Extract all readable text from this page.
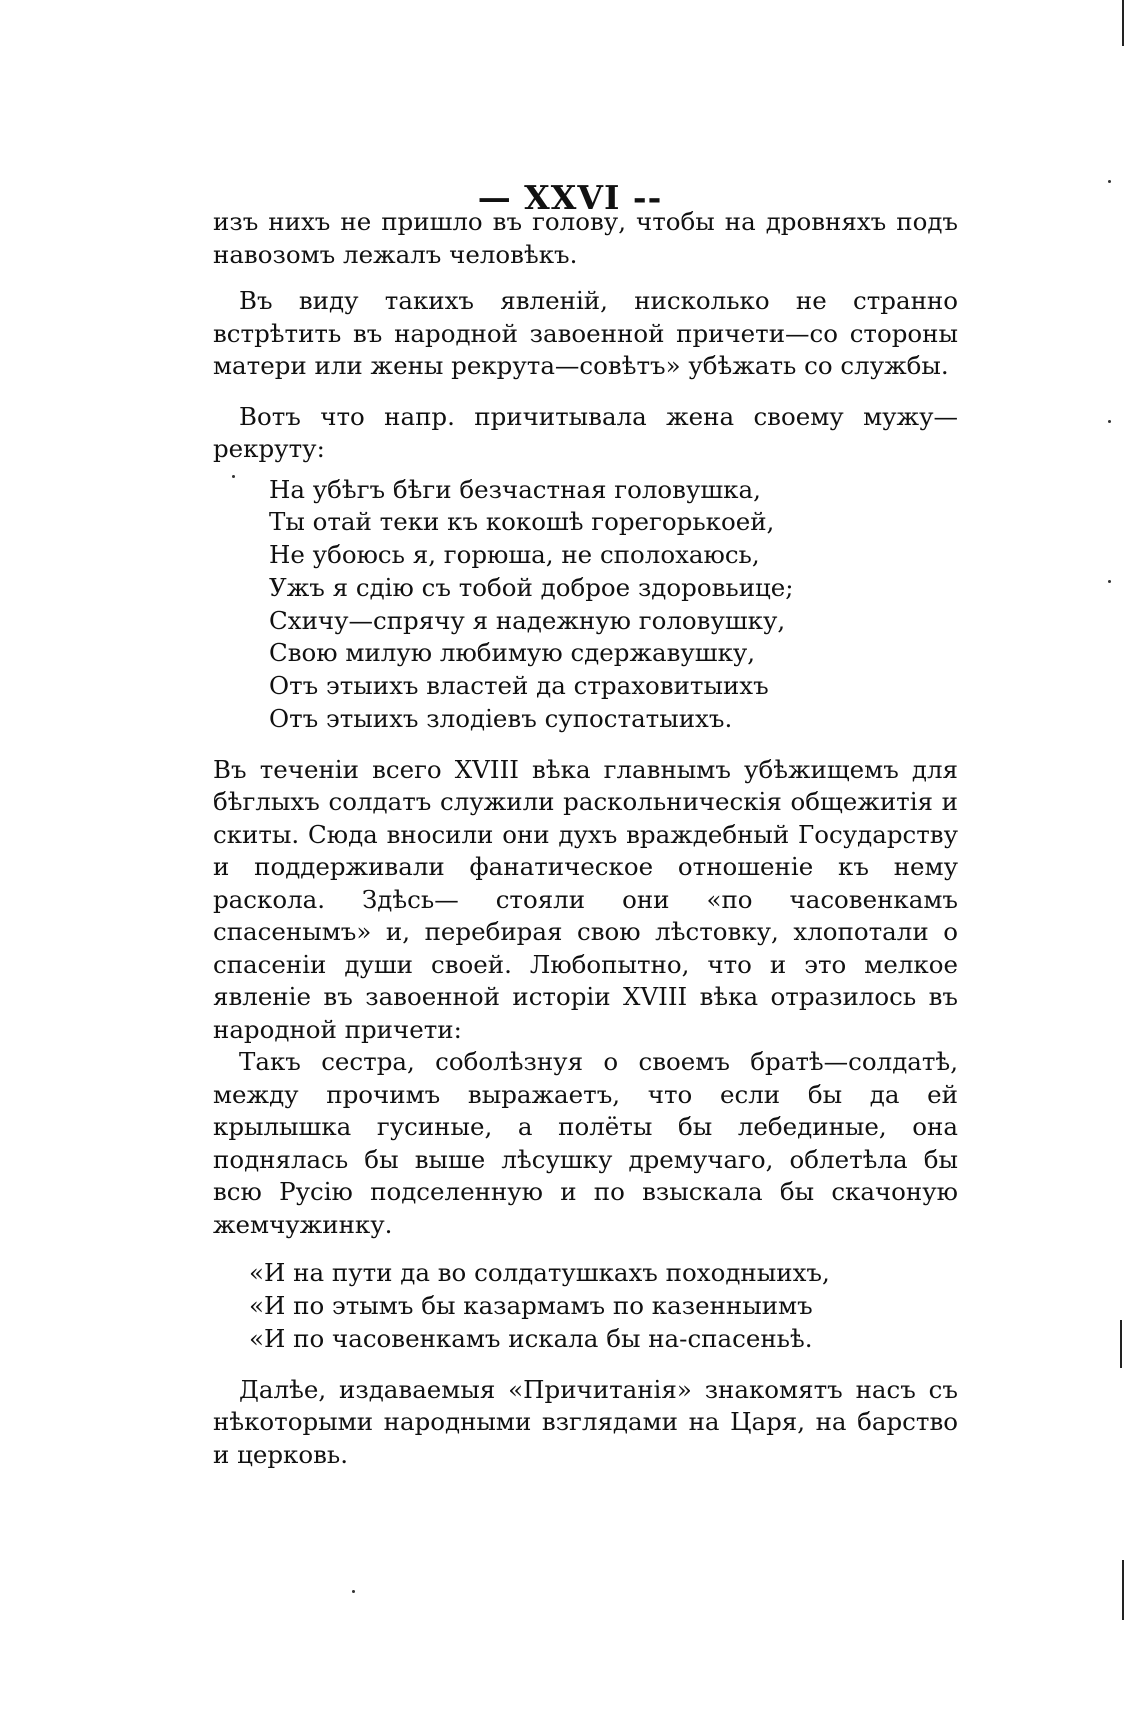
— XXVI --

изъ нихъ не пришло въ голову, чтобы на дровняхъ подъ навозомъ лежалъ человѣкъ.

Въ виду такихъ явленій, нисколько не странно встрѣтить въ народной завоенной причети—со стороны матери или жены рекрута—совѣтъ» убѣжать со службы.

Вотъ что напр. причитывала жена своему мужу—рекруту:

На убѣгъ бѣги безчастная головушка,
Ты отай теки къ кокошѣ горегорькоей,
Не убоюсь я, горюша, не сполохаюсь,
Ужъ я сдію съ тобой доброе здоровьице;
Схичу—спрячу я надежную головушку,
Свою милую любимую сдержавушку,
Отъ этыихъ властей да страховитыихъ
Отъ этыихъ злодіевъ супостатыихъ.

Въ теченіи всего XVIII вѣка главнымъ убѣжищемъ для бѣглыхъ солдатъ служили раскольническія общежитія и скиты. Сюда вносили они духъ враждебный Государству и поддерживали фанатическое отношеніе къ нему раскола. Здѣсь— стояли они «по часовенкамъ спасенымъ» и, перебирая свою лѣстовку, хлопотали о спасеніи души своей. Любопытно, что и это мелкое явленіе въ завоенной исторіи XVIII вѣка отразилось въ народной причети:

Такъ сестра, соболѣзнуя о своемъ братѣ—солдатѣ, между прочимъ выражаетъ, что если бы да ей крылышка гусиные, а полёты бы лебединые, она поднялась бы выше лѣсушку дремучаго, облетѣла бы всю Русію подселенную и по взыскала бы скачоную жемчужинку.

«И на пути да во солдатушкахъ походныихъ,
«И по этымъ бы казармамъ по казенныимъ
«И по часовенкамъ искала бы на-спасеньѣ.

Далѣе, издаваемыя «Причитанія» знакомятъ насъ съ нѣкоторыми народными взглядами на Царя, на барство и церковь.
